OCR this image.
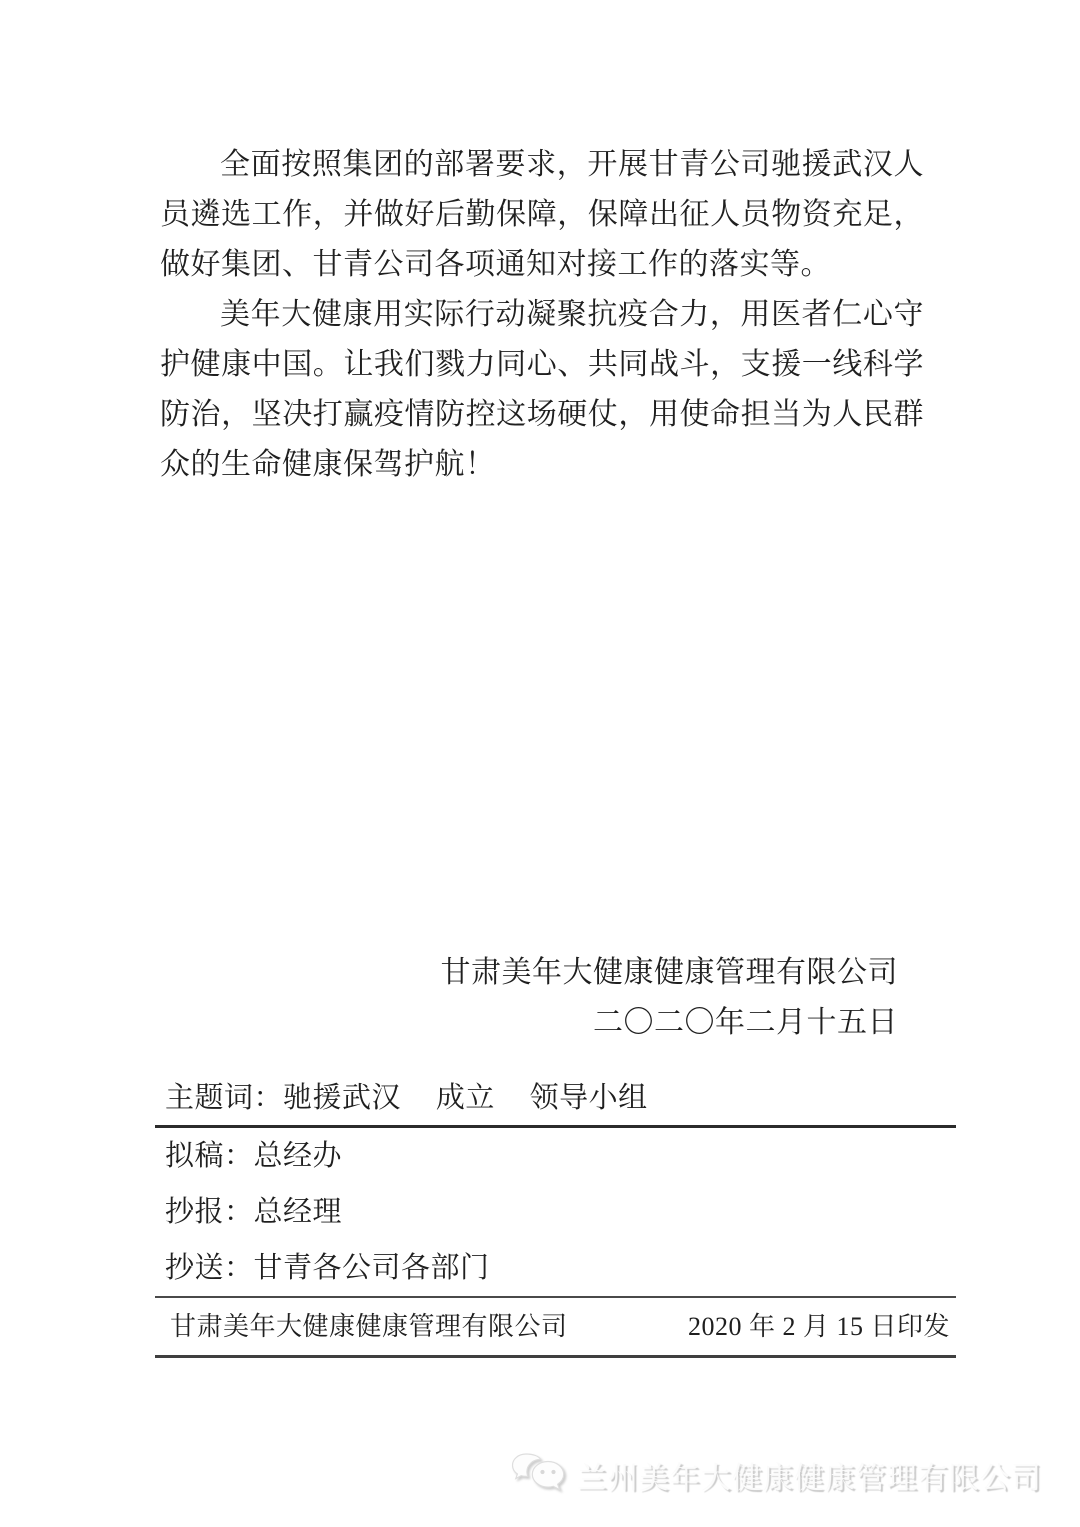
全面按照集团的部署要求，开展甘青公司驰援武汉人员遴选工作，并做好后勤保障，保障出征人员物资充足，做好集团、甘青公司各项通知对接工作的落实等。

美年大健康用实际行动凝聚抗疫合力，用医者仁心守护健康中国。让我们戮力同心、共同战斗，支援一线科学防治，坚决打赢疫情防控这场硬仗，用使命担当为人民群众的生命健康保驾护航！

甘肃美年大健康健康管理有限公司
二〇二〇年二月十五日
主题词：驰援武汉 成立 领导小组
拟稿：总经办
抄报：总经理
抄送：甘青各公司各部门
甘肃美年大健康健康管理有限公司	2020 年 2 月 15 日印发
兰州美年大健康健康管理有限公司
